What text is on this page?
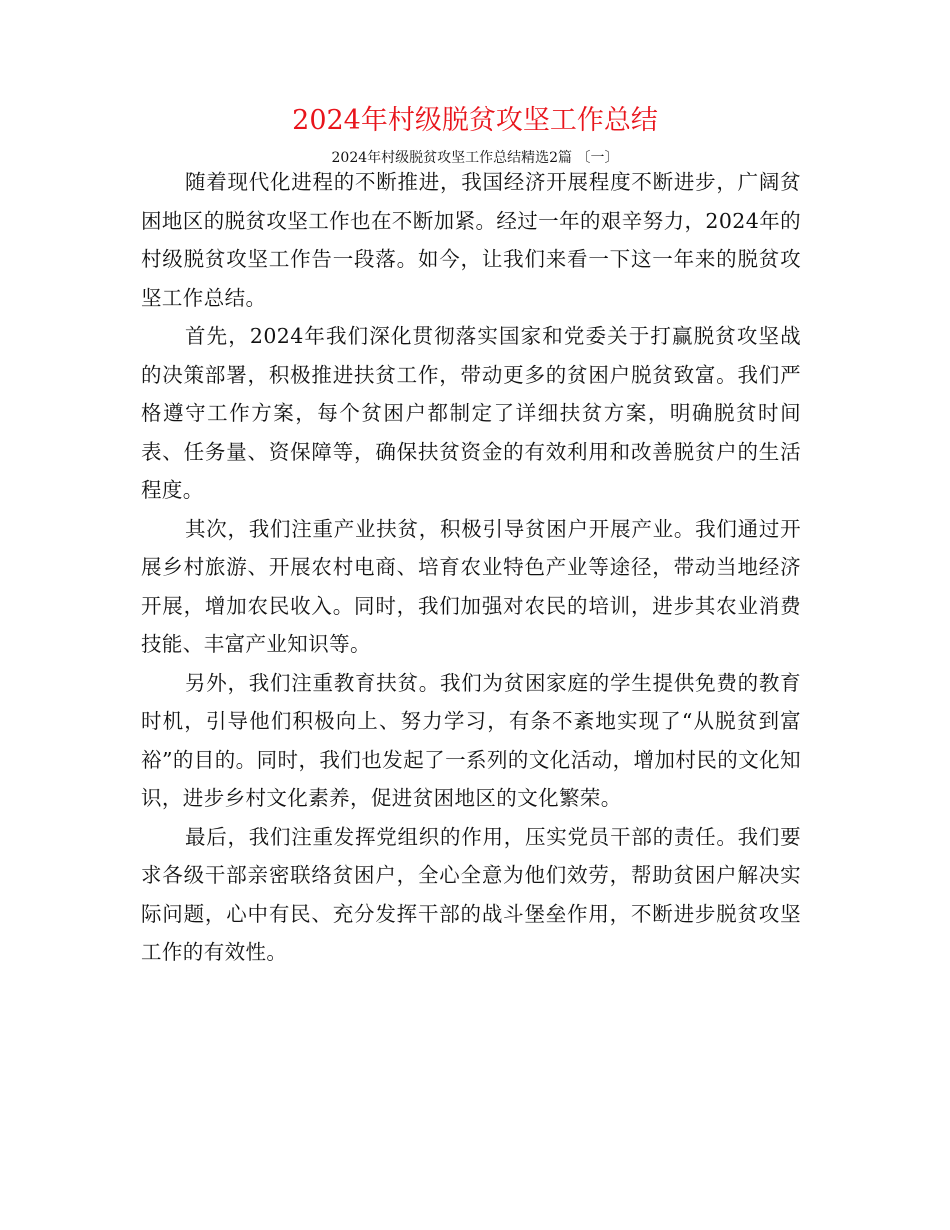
2024年村级脱贫攻坚工作总结
2024年村级脱贫攻坚工作总结精选2篇 〔一〕

随着现代化进程的不断推进，我国经济开展程度不断进步，广阔贫困地区的脱贫攻坚工作也在不断加紧。经过一年的艰辛努力，2024年的村级脱贫攻坚工作告一段落。如今，让我们来看一下这一年来的脱贫攻坚工作总结。

首先，2024年我们深化贯彻落实国家和党委关于打赢脱贫攻坚战的决策部署，积极推进扶贫工作，带动更多的贫困户脱贫致富。我们严格遵守工作方案，每个贫困户都制定了详细扶贫方案，明确脱贫时间表、任务量、资保障等，确保扶贫资金的有效利用和改善脱贫户的生活程度。

其次，我们注重产业扶贫，积极引导贫困户开展产业。我们通过开展乡村旅游、开展农村电商、培育农业特色产业等途径，带动当地经济开展，增加农民收入。同时，我们加强对农民的培训，进步其农业消费技能、丰富产业知识等。

另外，我们注重教育扶贫。我们为贫困家庭的学生提供免费的教育时机，引导他们积极向上、努力学习，有条不紊地实现了“从脱贫到富裕”的目的。同时，我们也发起了一系列的文化活动，增加村民的文化知识，进步乡村文化素养，促进贫困地区的文化繁荣。

最后，我们注重发挥党组织的作用，压实党员干部的责任。我们要求各级干部亲密联络贫困户，全心全意为他们效劳，帮助贫困户解决实际问题，心中有民、充分发挥干部的战斗堡垒作用，不断进步脱贫攻坚工作的有效性。
